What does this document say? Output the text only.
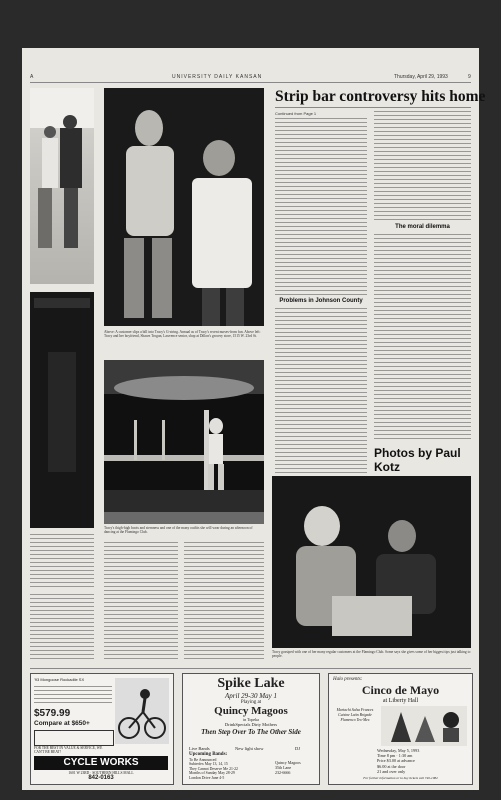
A	UNIVERSITY DAILY KANSAN	Thursday, April 29, 1993	9
Strip bar controversy hits home
Continued from Page 1
Problems in Johnson County
The moral dilemma
Photos by Paul Kotz
Above: A customer slips a bill into Tracy's G-string. Annual as of Tracy's recent nurses-from fun. Above left: Tracy and her boyfriend, Shawn Trogan, Lawrence senior, shop at Dillon's grocery store, 1515 W. 23rd St.
Tracy's thigh-high boots and sternness and one of the many outfits she will wear during an afternoon of dancing at the Flamingo Club.
Tracy gossiped with one of her many regular customers at the Flamingo Club. Some says she gives some of her biggest tips just talking to people.
'93 Mongoose Rockadile SX
$579.99
Compare at $650+
FOR THE BEST IN VALUE & SERVICE, WE CAN'T BE BEAT!
CYCLE WORKS
1601 W 23RD · SOUTHERN HILLS MALL
842-0163
Spike Lake
April 29-30 May 1
Playing at
Quincy Magoos
in Topeka
DrinkSpecials Dirty Mothers
Then Step Over To The Other Side
Live Bands	New light show	DJ
Upcoming Bands:
To Be Announced
Subterfex May 13, 14, 15
They Cannot Deserve Me 21-22
Months of Sunday May 28-29
London Drive June 4-5
Quincy Magoos
35th Lane
232-6666
Halo presents:
Cinco de Mayo
at Liberty Hall
Mariachi Salsa Frances Cuisine Latin Brigade Flamenco Tex-Mex
Wednesday, May 5, 1993
Time 8 pm · 1:30 am
Price $3.00 at advance
$6.00 at the door
21 and over only
For further information or to buy tickets call 749-1982
